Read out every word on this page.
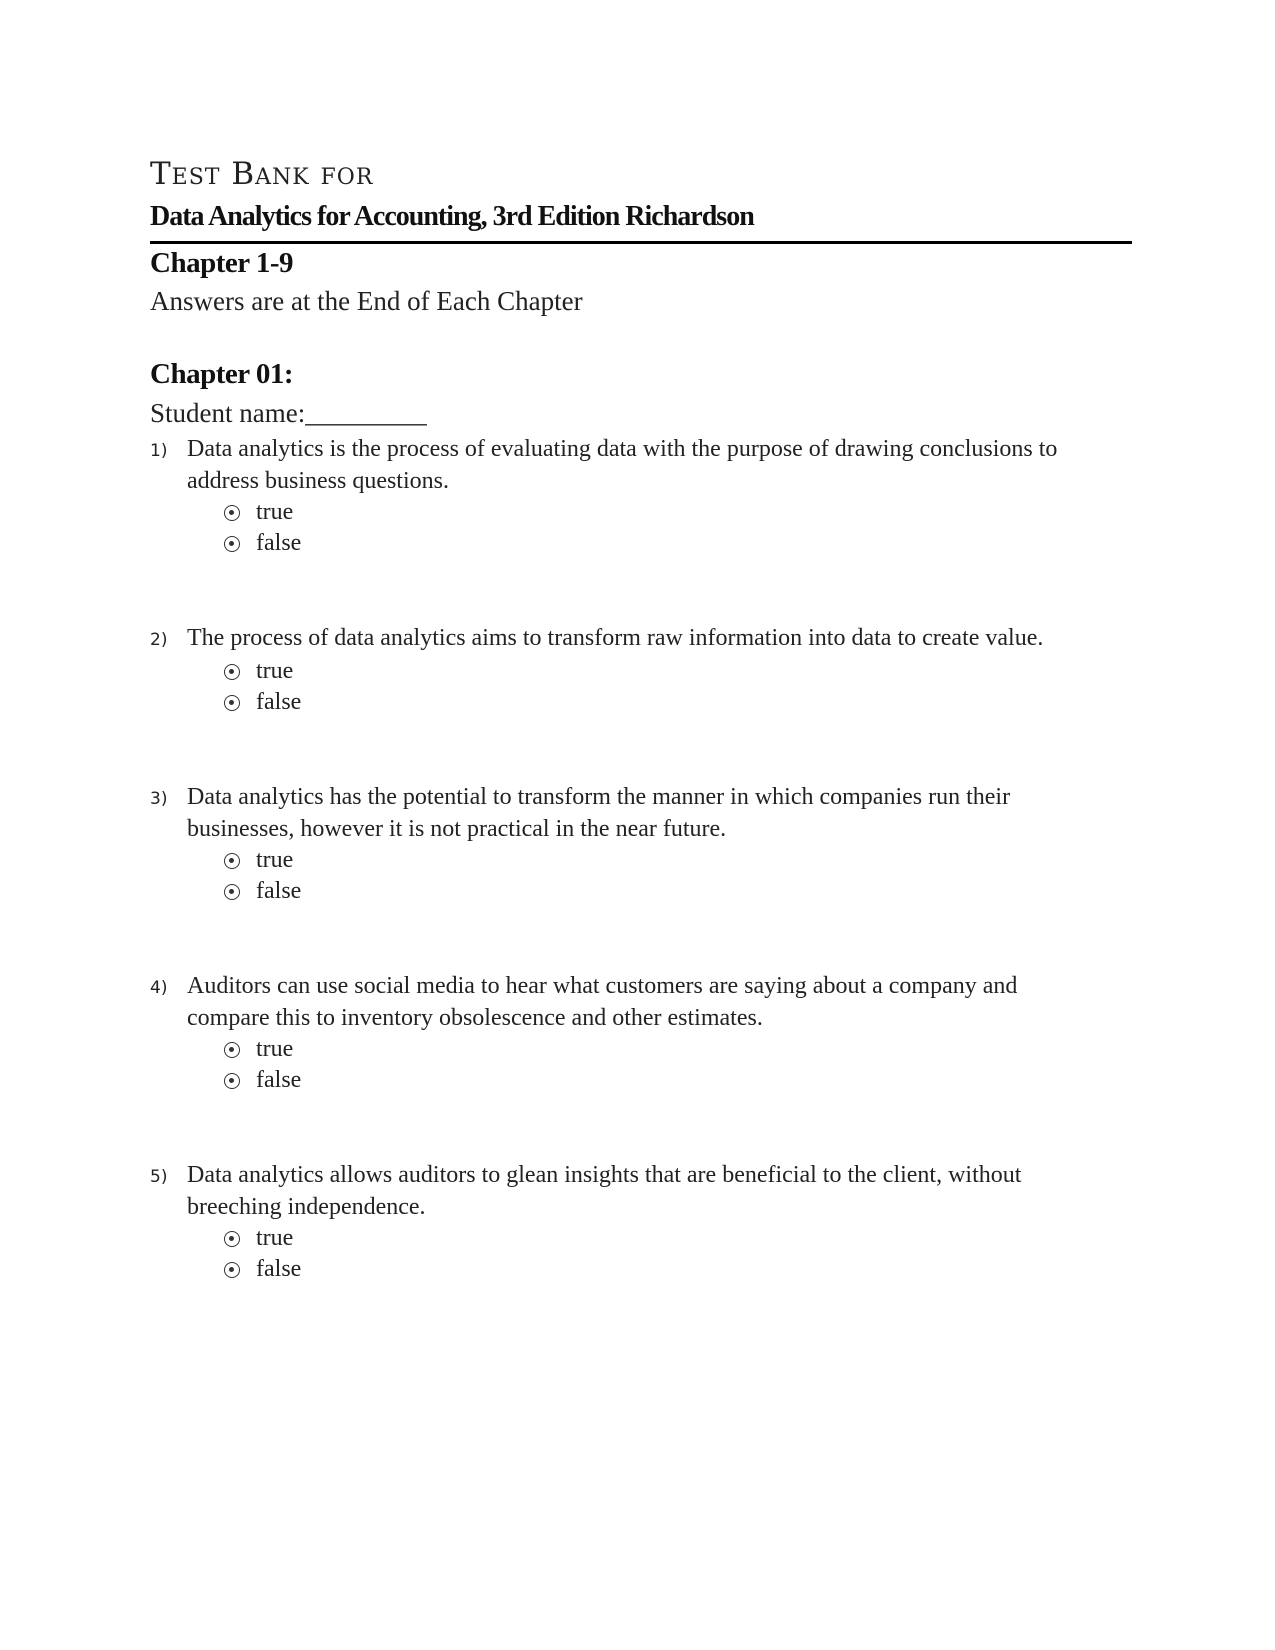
Test Bank for
Data Analytics for Accounting, 3rd Edition Richardson
Chapter 1-9
Answers are at the End of Each Chapter
Chapter 01:
Student name:_________
1) Data analytics is the process of evaluating data with the purpose of drawing conclusions to address business questions.
true
false
2) The process of data analytics aims to transform raw information into data to create value.
true
false
3) Data analytics has the potential to transform the manner in which companies run their businesses, however it is not practical in the near future.
true
false
4) Auditors can use social media to hear what customers are saying about a company and compare this to inventory obsolescence and other estimates.
true
false
5) Data analytics allows auditors to glean insights that are beneficial to the client, without breeching independence.
true
false
